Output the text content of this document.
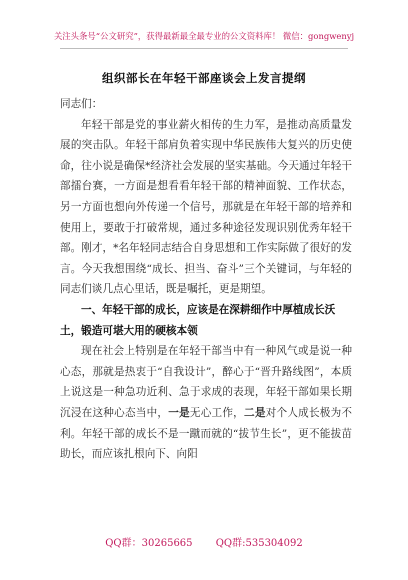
关注头条号“公文研究”，获得最新最全最专业的公文资料库！ 微信：gongwenyj
组织部长在年轻干部座谈会上发言提纲

同志们：

年轻干部是党的事业薪火相传的生力军，是推动高质量发展的突击队。年轻干部肩负着实现中华民族伟大复兴的历史使命，往小说是确保*经济社会发展的坚实基础。今天通过年轻干部擂台赛，一方面是想看看年轻干部的精神面貌、工作状态，另一方面也想向外传递一个信号，那就是在年轻干部的培养和使用上，要敢于打破常规，通过多种途径发现识别优秀年轻干部。刚才，*名年轻同志结合自身思想和工作实际做了很好的发言。今天我想围绕“成长、担当、奋斗”三个关键词，与年轻的同志们谈几点心里话，既是嘱托，更是期望。

一、年轻干部的成长，应该是在深耕细作中厚植成长沃土，锻造可堪大用的硬核本领

现在社会上特别是在年轻干部当中有一种风气或是说一种心态，那就是热衷于“自我设计”，醉心于“晋升路线图”，本质上说这是一种急功近利、急于求成的表现，年轻干部如果长期沉浸在这种心态当中，一是无心工作，二是对个人成长极为不利。年轻干部的成长不是一蹴而就的“拔节生长”，更不能拔苗助长，而应该扎根向下、向阳

QQ群：30265665 QQ群:535304092
